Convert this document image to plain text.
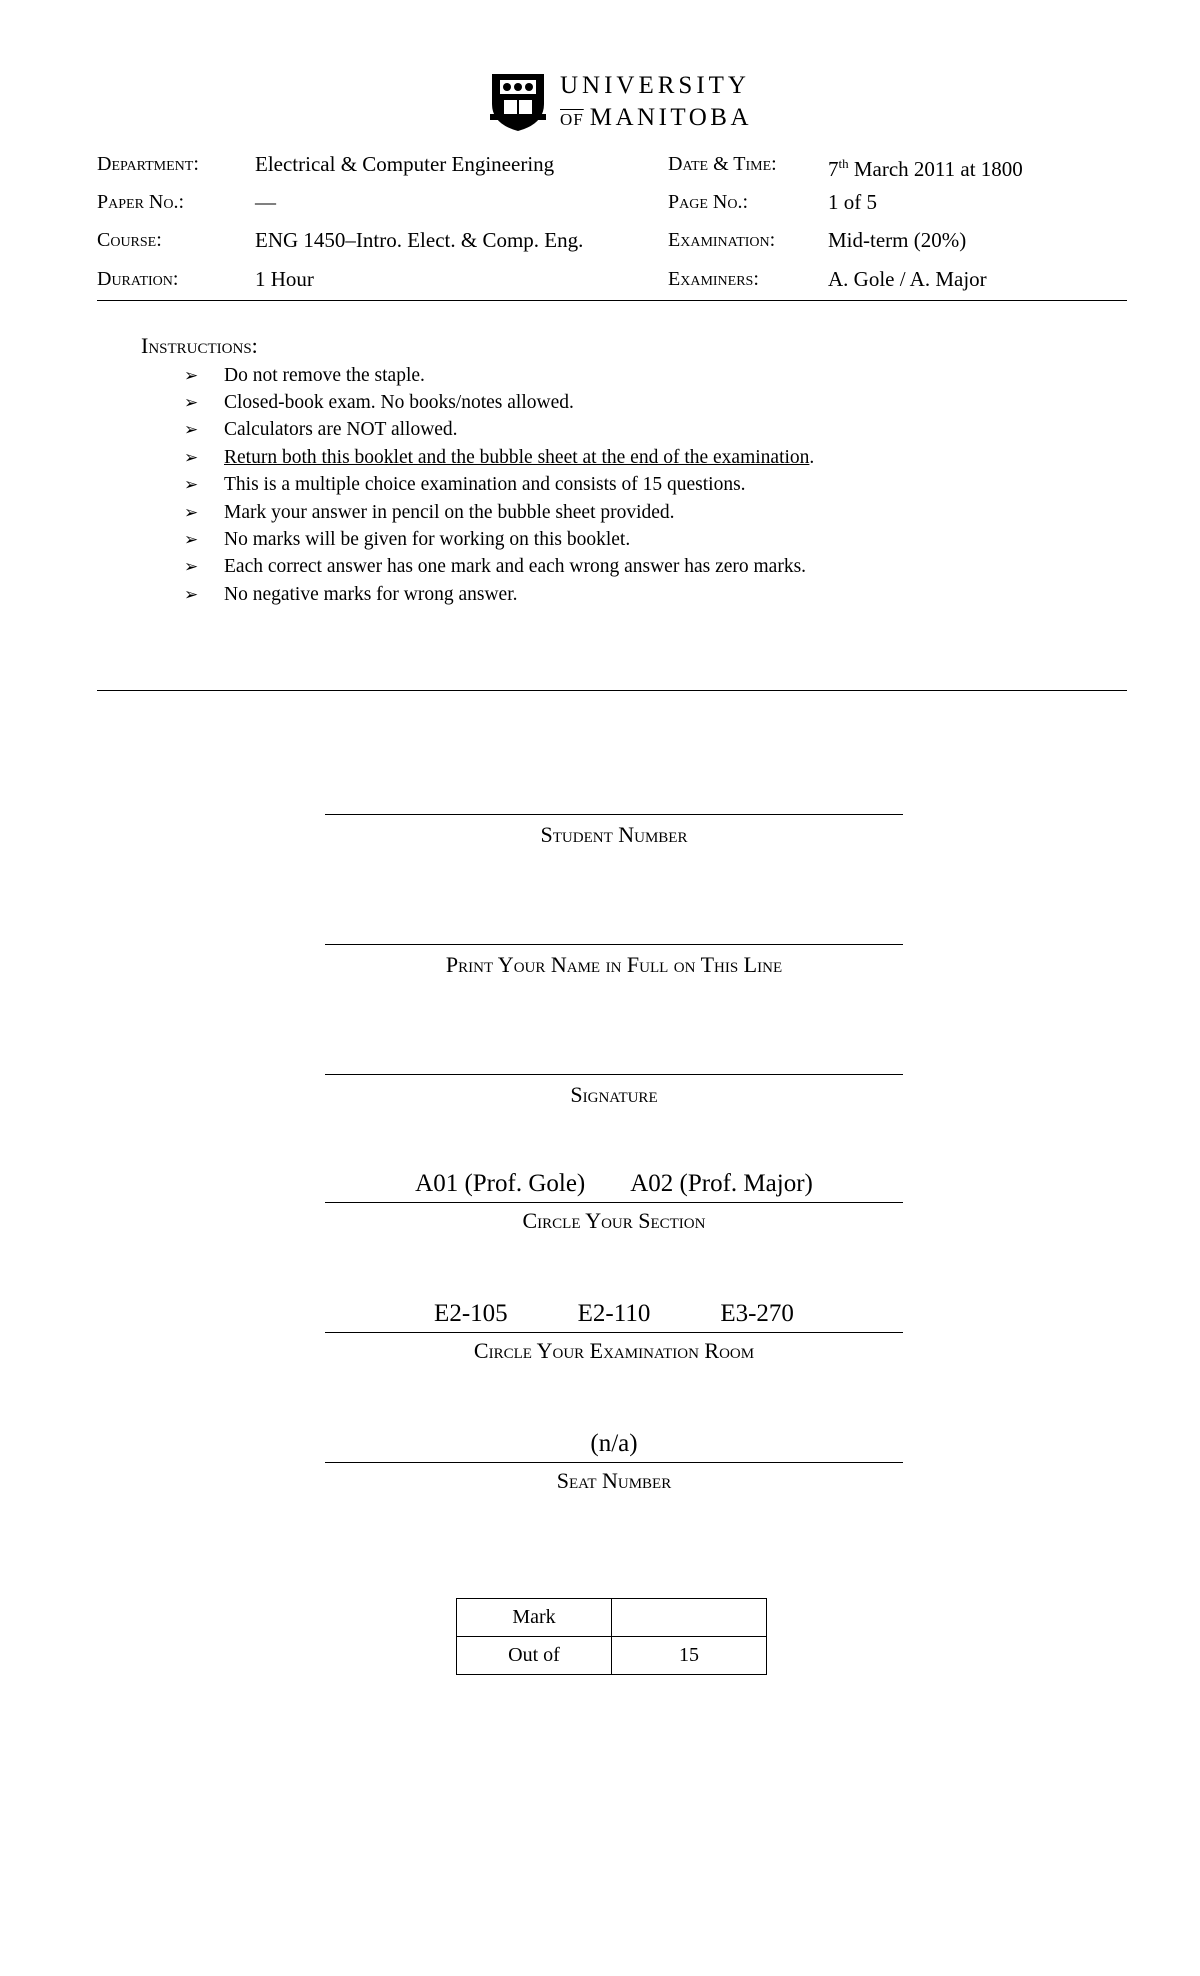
UNIVERSITY
$\overline{OF}$ MANITOBA
Department:	Electrical & Computer Engineering	Date & Time: 7th March 2011 at 1800
Paper No.:	—	Page No.:	1 of 5
Course:	ENG 1450–Intro. Elect. & Comp. Eng.	Examination:	Mid-term (20%)
Duration:	1 Hour	Examiners:	A. Gole / A. Major
Instructions:
➢	Do not remove the staple.
➢	Closed-book exam. No books/notes allowed.
➢	Calculators are NOT allowed.
➢	Return both this booklet and the bubble sheet at the end of the examination .
➢	This is a multiple choice examination and consists of 15 questions.
➢	Mark your answer in pencil on the bubble sheet provided.
➢	No marks will be given for working on this booklet.
➢	Each correct answer has one mark and each wrong answer has zero marks.
➢	No negative marks for wrong answer.
Student Number
Print Your Name in Full on This Line
Signature
A01 (Prof. Gole) A02 (Prof. Major)
Circle Your Section
E2-105	E2-110	E3-270
Circle Your Examination Room
(n/a)
Seat Number
Mark	
Out of	15
